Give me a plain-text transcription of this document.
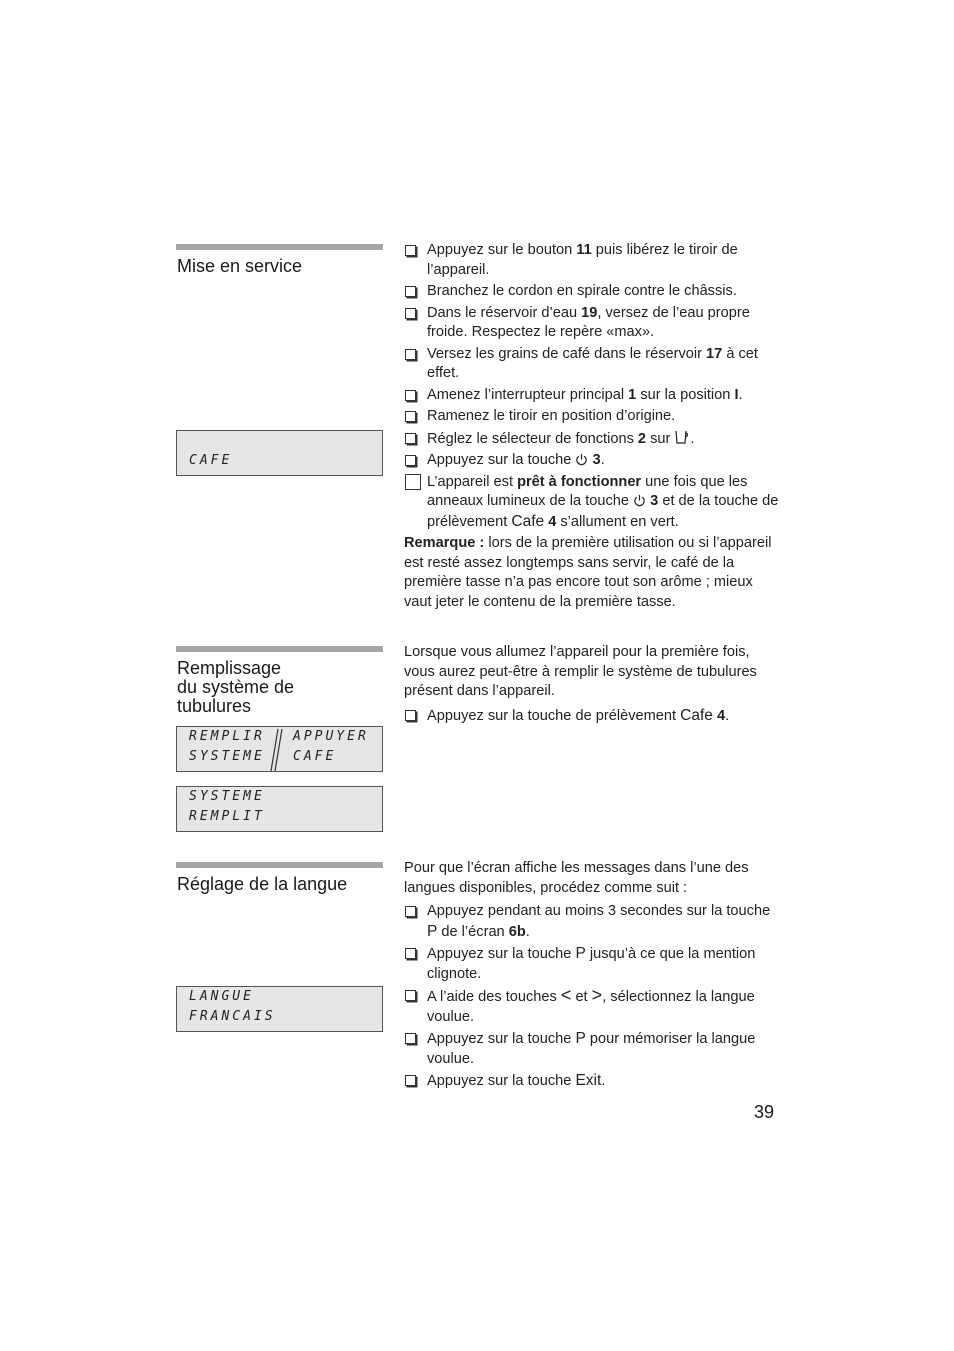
Mise en service
CAFE
Appuyez sur le bouton 11 puis libérez le tiroir de l’appareil.
Branchez le cordon en spirale contre le châssis.
Dans le réservoir d’eau 19, versez de l’eau propre froide. Respectez le repère «max».
Versez les grains de café dans le réservoir 17 à cet effet.
Amenez l’interrupteur principal 1 sur la position I.
Ramenez le tiroir en position d’origine.
Réglez le sélecteur de fonctions 2 sur .
Appuyez sur la touche  3.
L’appareil est prêt à fonctionner une fois que les anneaux lumineux de la touche  3 et de la touche de prélèvement Cafe 4 s’allument en vert.

Remarque : lors de la première utilisation ou si l’appareil est resté assez longtemps sans servir, le café de la première tasse n’a pas encore tout son arôme ; mieux vaut jeter le contenu de la première tasse.

Remplissage
du système de
tubulures
REMPLIR
SYSTEME
APPUYER
CAFE
SYSTEME
REMPLIT

Lorsque vous allumez l’appareil pour la première fois, vous aurez peut-être à remplir le système de tubulures présent dans l’appareil.

Appuyez sur la touche de prélèvement Cafe 4.
Réglage de la langue
LANGUE
FRANCAIS

Pour que l’écran affiche les messages dans l’une des langues disponibles, procédez comme suit :

Appuyez pendant au moins 3 secondes sur la touche P de l’écran 6b.
Appuyez sur la touche P jusqu’à ce que la mention clignote.
A l’aide des touches < et >, sélectionnez la langue voulue.
Appuyez sur la touche P pour mémoriser la langue voulue.
Appuyez sur la touche Exit.
39
